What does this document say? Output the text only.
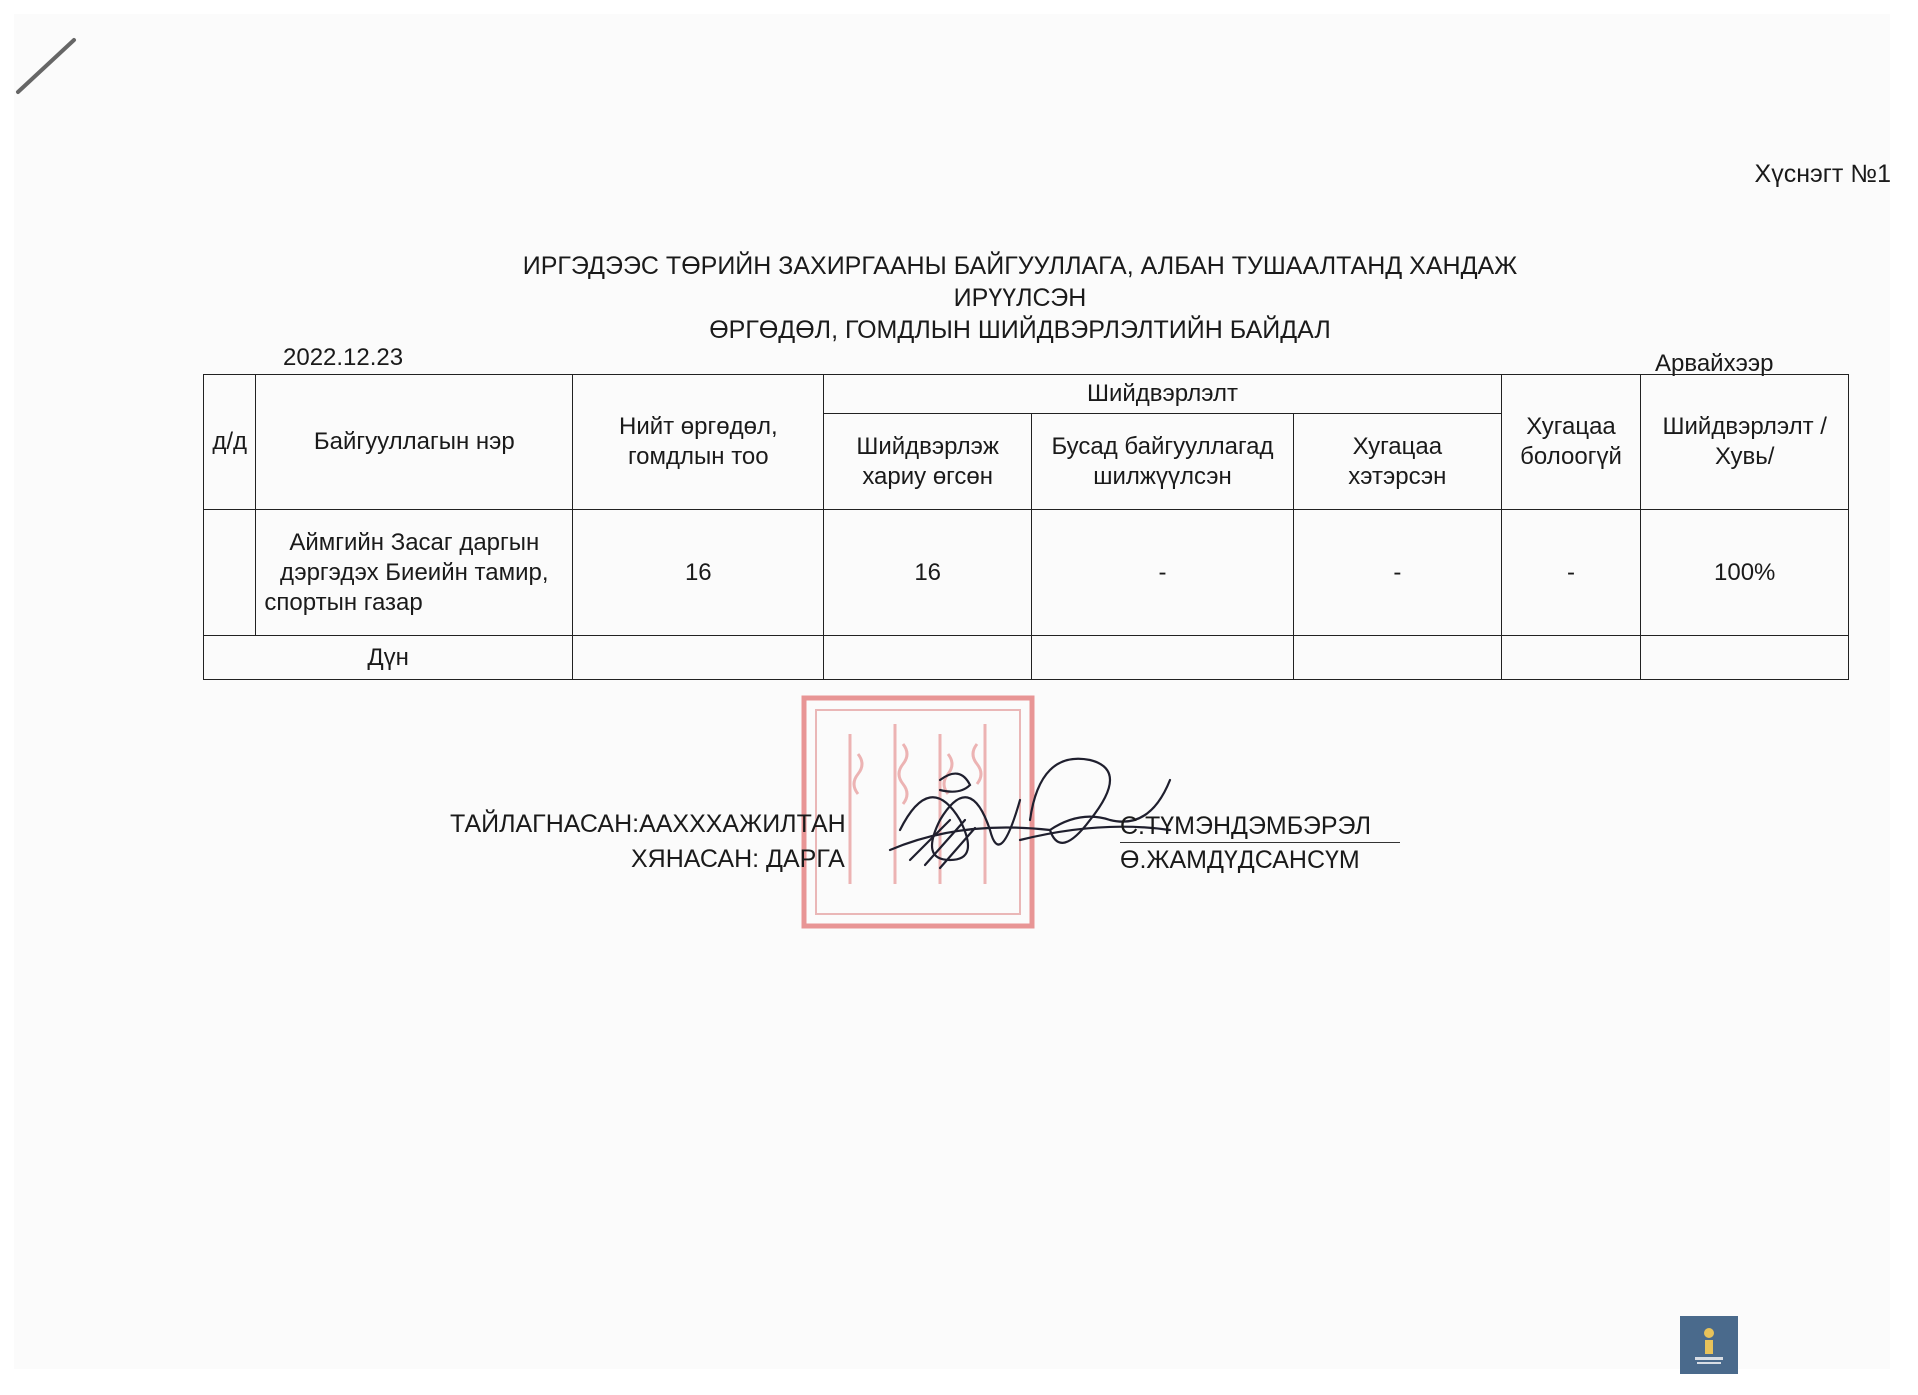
Хүснэгт №1
ИРГЭДЭЭС ТӨРИЙН ЗАХИРГААНЫ БАЙГУУЛЛАГА, АЛБАН ТУШААЛТАНД ХАНДАЖ ИРҮҮЛСЭН
ӨРГӨДӨЛ, ГОМДЛЫН ШИЙДВЭРЛЭЛТИЙН БАЙДАЛ
2022.12.23	Арвайхээр
д/д	Байгууллагын нэр	Нийт өргөдөл, гомдлын тоо	Шийдвэрлэлт			Хугацаа болоогүй	Шийдвэрлэлт /Хувь/
			Шийдвэрлэж хариу өгсөн	Бусад байгууллагад шилжүүлсэн	Хугацаа хэтэрсэн		
	Аймгийн Засаг даргын дэргэдэх Биеийн тамир, спортын газар	16	16	-	-	-	100%
Дүн							
ТАЙЛАГНАСАН:ААХХХАЖИЛТАН
ХЯНАСАН: ДАРГА
С.ТҮМЭНДЭМБЭРЭЛ
Ө.ЖАМДҮДСАНСҮМ
